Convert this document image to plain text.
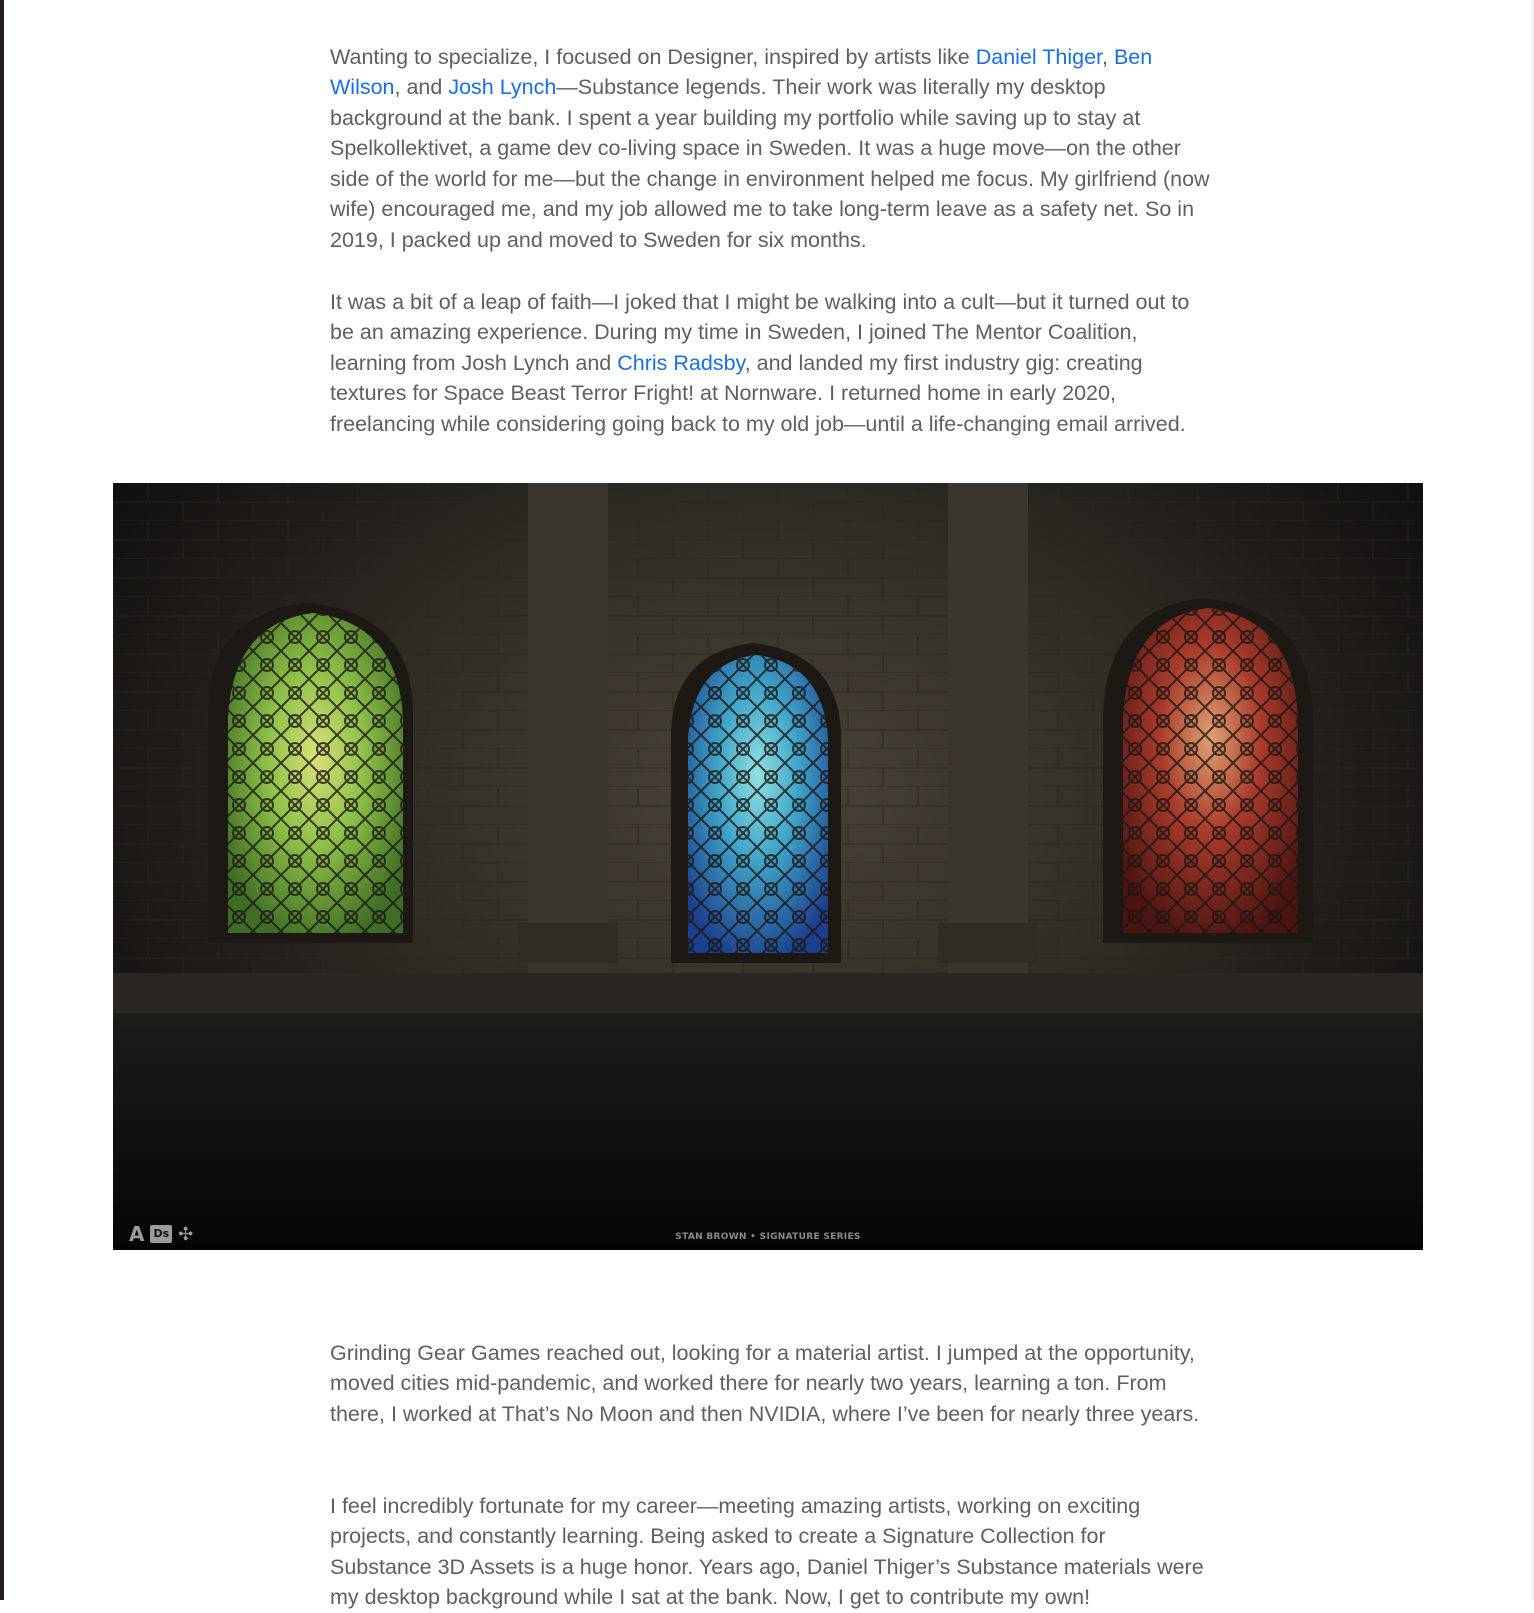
Wanting to specialize, I focused on Designer, inspired by artists like Daniel Thiger, Ben Wilson, and Josh Lynch—Substance legends. Their work was literally my desktop background at the bank. I spent a year building my portfolio while saving up to stay at Spelkollektivet, a game dev co-living space in Sweden. It was a huge move—on the other side of the world for me—but the change in environment helped me focus. My girlfriend (now wife) encouraged me, and my job allowed me to take long-term leave as a safety net. So in 2019, I packed up and moved to Sweden for six months.

It was a bit of a leap of faith—I joked that I might be walking into a cult—but it turned out to be an amazing experience. During my time in Sweden, I joined The Mentor Coalition, learning from Josh Lynch and Chris Radsby, and landed my first industry gig: creating textures for Space Beast Terror Fright! at Nornware. I returned home in early 2020, freelancing while considering going back to my old job—until a life-changing email arrived.

A Ds ✣	STAN BROWN • SIGNATURE SERIES

Grinding Gear Games reached out, looking for a material artist. I jumped at the opportunity, moved cities mid-pandemic, and worked there for nearly two years, learning a ton. From there, I worked at That’s No Moon and then NVIDIA, where I’ve been for nearly three years.

I feel incredibly fortunate for my career—meeting amazing artists, working on exciting projects, and constantly learning. Being asked to create a Signature Collection for Substance 3D Assets is a huge honor. Years ago, Daniel Thiger’s Substance materials were my desktop background while I sat at the bank. Now, I get to contribute my own!
